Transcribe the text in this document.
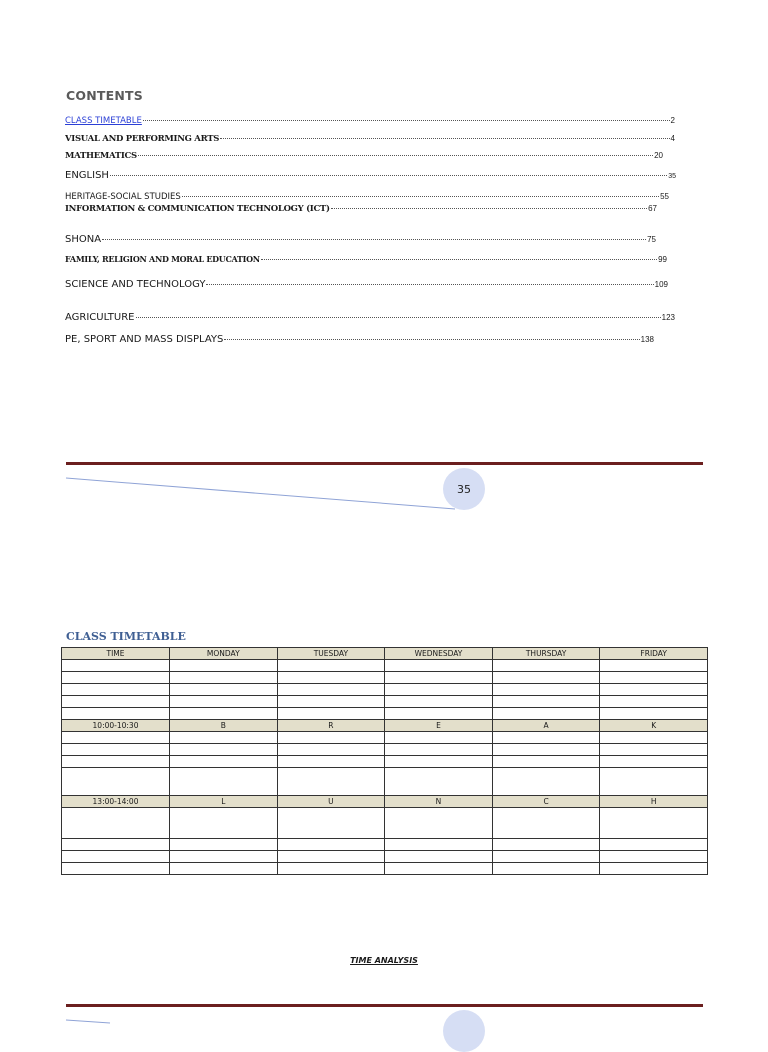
CONTENTS
CLASS TIMETABLE	2
VISUAL AND PERFORMING ARTS	4
MATHEMATICS	20
ENGLISH	35
HERITAGE-SOCIAL STUDIES	55
INFORMATION & COMMUNICATION TECHNOLOGY (ICT)	67
SHONA	75
FAMILY, RELIGION AND MORAL EDUCATION	99
SCIENCE AND TECHNOLOGY	109
AGRICULTURE	123
PE, SPORT AND MASS DISPLAYS	138
35
CLASS TIMETABLE
TIME	MONDAY	TUESDAY	WEDNESDAY	THURSDAY	FRIDAY

10:00-10:30	B	R	E	A	K

13:00-14:00	L	U	N	C	H

TIME ANALYSIS
